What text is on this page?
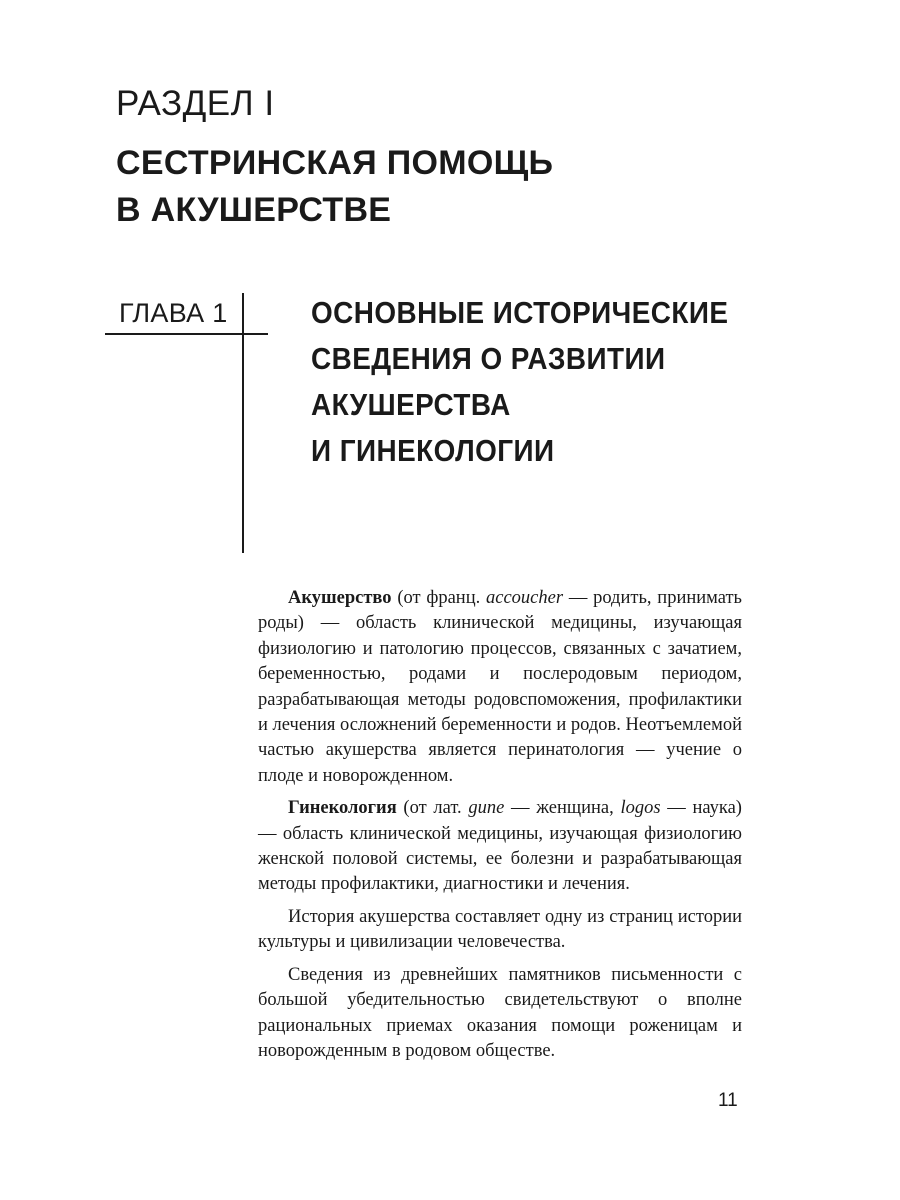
РАЗДЕЛ I
СЕСТРИНСКАЯ ПОМОЩЬ
В АКУШЕРСТВЕ
ГЛАВА 1	ОСНОВНЫЕ ИСТОРИЧЕСКИЕ
СВЕДЕНИЯ О РАЗВИТИИ
АКУШЕРСТВА
И ГИНЕКОЛОГИИ

Акушерство (от франц. accoucher — родить, принимать роды) — область клинической медицины, изучающая физиологию и патологию процессов, связанных с зачатием, беременностью, родами и послеродовым периодом, разрабатывающая методы родовспоможения, профилактики и лечения осложнений беременности и родов. Неотъемлемой частью акушерства является перинатология — учение о плоде и новорожденном.

Гинекология (от лат. gune — женщина, logos — наука) — область клинической медицины, изучающая физиологию женской половой системы, ее болезни и разрабатывающая методы профилактики, диагностики и лечения.

История акушерства составляет одну из страниц истории культуры и цивилизации человечества.

Сведения из древнейших памятников письменности с большой убедительностью свидетельствуют о вполне рациональных приемах оказания помощи роженицам и новорожденным в родовом обществе.

11
